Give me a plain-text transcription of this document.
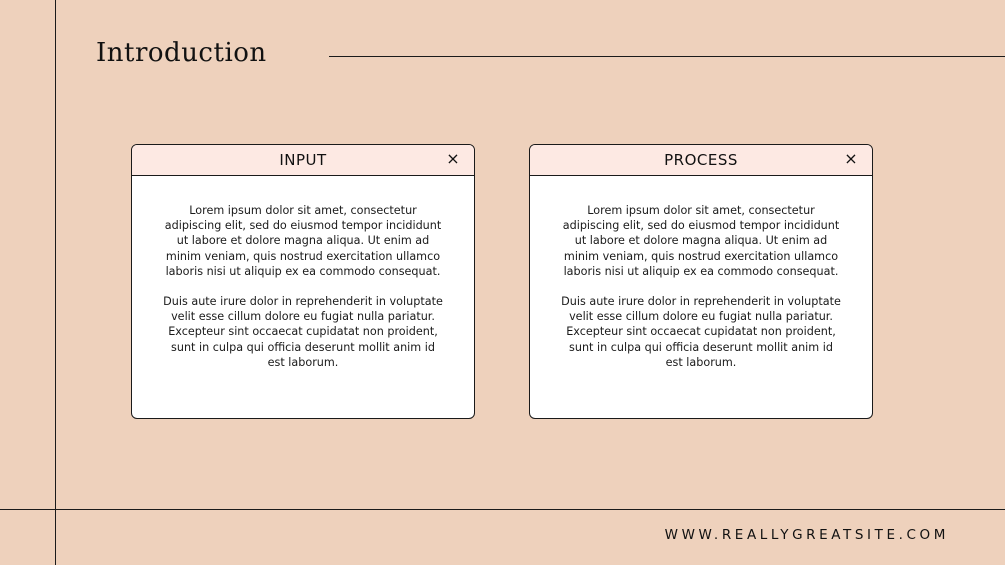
Introduction
INPUT	×

Lorem ipsum dolor sit amet, consectetur adipiscing elit, sed do eiusmod tempor incididunt ut labore et dolore magna aliqua. Ut enim ad minim veniam, quis nostrud exercitation ullamco laboris nisi ut aliquip ex ea commodo consequat.

Duis aute irure dolor in reprehenderit in voluptate velit esse cillum dolore eu fugiat nulla pariatur. Excepteur sint occaecat cupidatat non proident, sunt in culpa qui officia deserunt mollit anim id est laborum.

PROCESS	×

Lorem ipsum dolor sit amet, consectetur adipiscing elit, sed do eiusmod tempor incididunt ut labore et dolore magna aliqua. Ut enim ad minim veniam, quis nostrud exercitation ullamco laboris nisi ut aliquip ex ea commodo consequat.

Duis aute irure dolor in reprehenderit in voluptate velit esse cillum dolore eu fugiat nulla pariatur. Excepteur sint occaecat cupidatat non proident, sunt in culpa qui officia deserunt mollit anim id est laborum.

WWW.REALLYGREATSITE.COM
